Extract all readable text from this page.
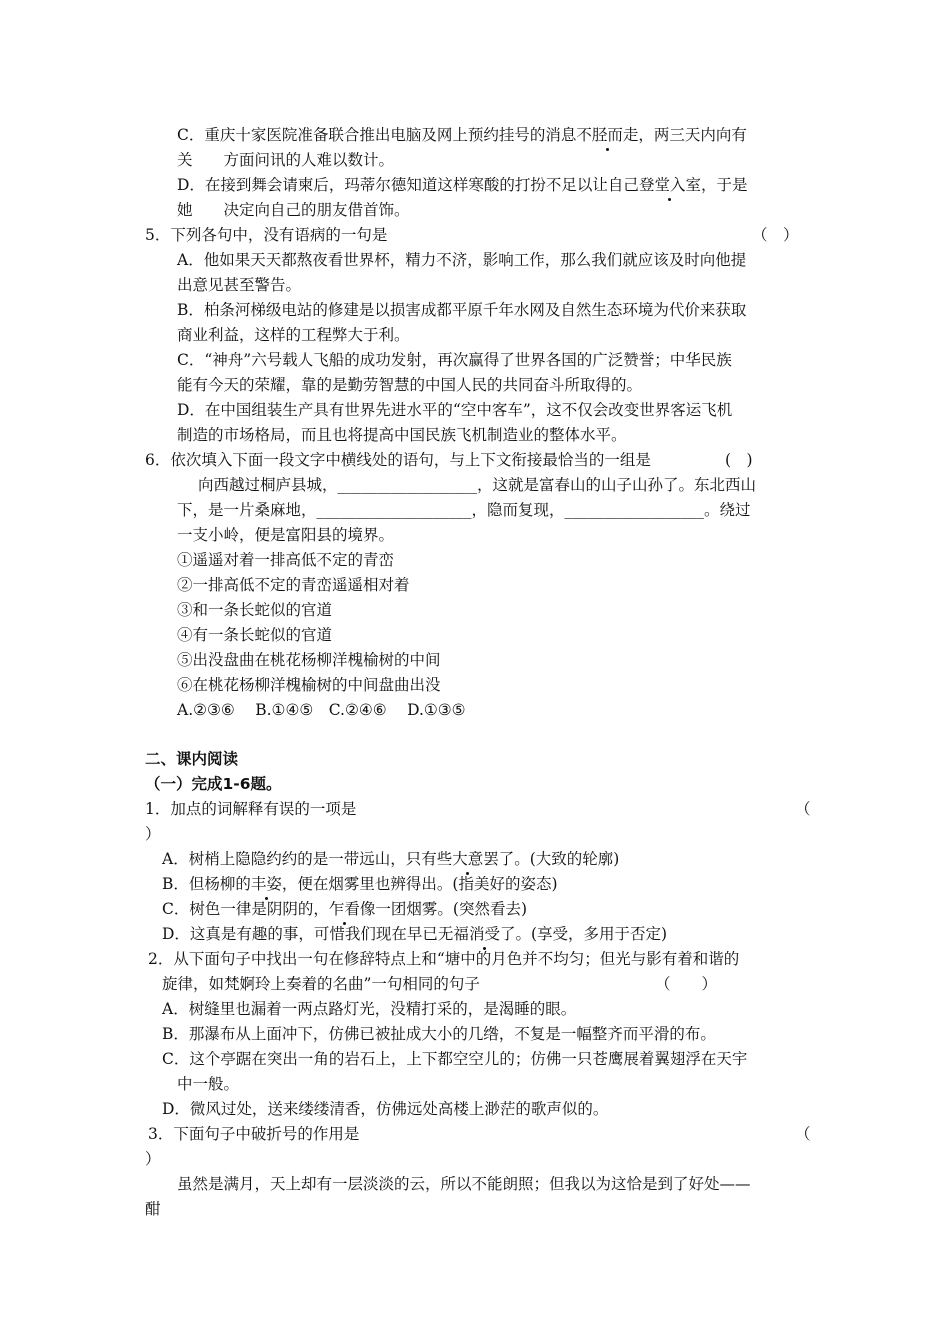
C．重庆十家医院准备联合推出电脑及网上预约挂号的消息不胫而走，两三天内向有
关　　方面问讯的人难以数计。
D．在接到舞会请柬后，玛蒂尔德知道这样寒酸的打扮不足以让自己登堂入室，于是
她　　决定向自己的朋友借首饰。
5．下列各句中，没有语病的一句是	（　）
A．他如果天天都熬夜看世界杯，精力不济，影响工作，那么我们就应该及时向他提
出意见甚至警告。
B．柏条河梯级电站的修建是以损害成都平原千年水网及自然生态环境为代价来获取
商业利益，这样的工程弊大于利。
C．“神舟”六号载人飞船的成功发射，再次赢得了世界各国的广泛赞誉；中华民族
能有今天的荣耀，靠的是勤劳智慧的中国人民的共同奋斗所取得的。
D．在中国组装生产具有世界先进水平的“空中客车”，这不仅会改变世界客运飞机
制造的市场格局，而且也将提高中国民族飞机制造业的整体水平。
6．依次填入下面一段文字中横线处的语句，与上下文衔接最恰当的一组是	(　)
向西越过桐庐县城，__________________，这就是富春山的山子山孙了。东北西山
下，是一片桑麻地，____________________，隐而复现，__________________。绕过
一支小岭，便是富阳县的境界。
①遥遥对着一排高低不定的青峦
②一排高低不定的青峦遥遥相对着
③和一条长蛇似的官道
④有一条长蛇似的官道
⑤出没盘曲在桃花杨柳洋槐榆树的中间
⑥在桃花杨柳洋槐榆树的中间盘曲出没
A.②③⑥　 B.①④⑤　C.②④⑥　 D.①③⑤
二、课内阅读
（一）完成1-6题。
1．加点的词解释有误的一项是	（
）
A．树梢上隐隐约约的是一带远山，只有些大意罢了。(大致的轮廓)
B．但杨柳的丰姿，便在烟雾里也辨得出。(指美好的姿态)
C．树色一律是阴阴的，乍看像一团烟雾。(突然看去)
D．这真是有趣的事，可惜我们现在早已无福消受了。(享受，多用于否定)
2．从下面句子中找出一句在修辞特点上和“塘中的月色并不均匀；但光与影有着和谐的
旋律，如梵婀玲上奏着的名曲”一句相同的句子	（　　）
A．树缝里也漏着一两点路灯光，没精打采的，是渴睡的眼。
B．那瀑布从上面冲下，仿佛已被扯成大小的几绺，不复是一幅整齐而平滑的布。
C．这个亭踞在突出一角的岩石上，上下都空空儿的；仿佛一只苍鹰展着翼翅浮在天宇
中一般。
D．微风过处，送来缕缕清香，仿佛远处高楼上渺茫的歌声似的。
3．下面句子中破折号的作用是	（
）
虽然是满月，天上却有一层淡淡的云，所以不能朗照；但我以为这恰是到了好处——
酣
